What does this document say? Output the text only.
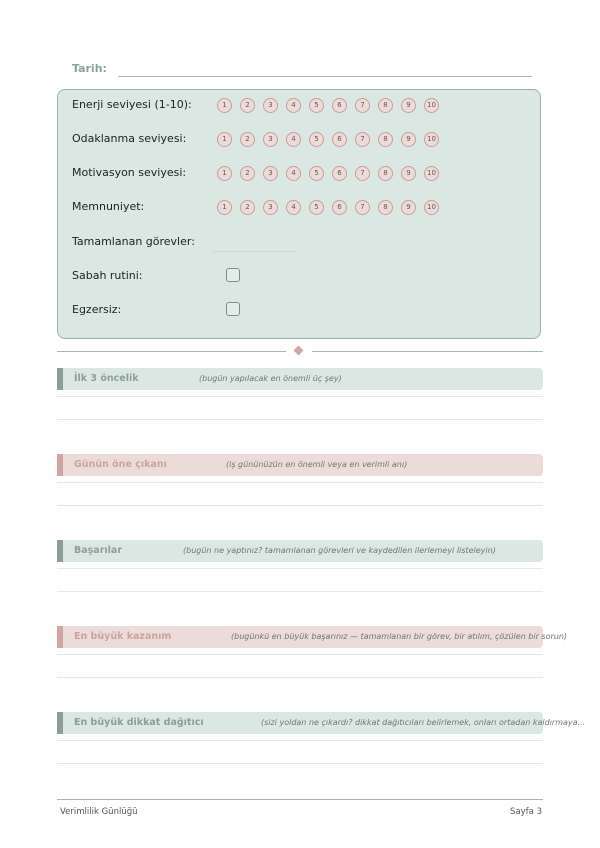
Tarih:
Enerji seviyesi (1-10):	1	2	3	4	5	6	7	8	9	10
Odaklanma seviyesi:	1	2	3	4	5	6	7	8	9	10
Motivasyon seviyesi:	1	2	3	4	5	6	7	8	9	10
Memnuniyet:	1	2	3	4	5	6	7	8	9	10
Tamamlanan görevler:
Sabah rutini:
Egzersiz:
İlk 3 öncelik	(bugün yapılacak en önemli üç şey)
Günün öne çıkanı	(iş gününüzün en önemli veya en verimli anı)
Başarılar	(bugün ne yaptınız? tamamlanan görevleri ve kaydedilen ilerlemeyi listeleyin)
En büyük kazanım	(bugünkü en büyük başarınız — tamamlanan bir görev, bir atılım, çözülen bir sorun)
En büyük dikkat dağıtıcı	(sizi yoldan ne çıkardı? dikkat dağıtıcıları belirlemek, onları ortadan kaldırmaya...
Verimlilik Günlüğü	Sayfa 3
